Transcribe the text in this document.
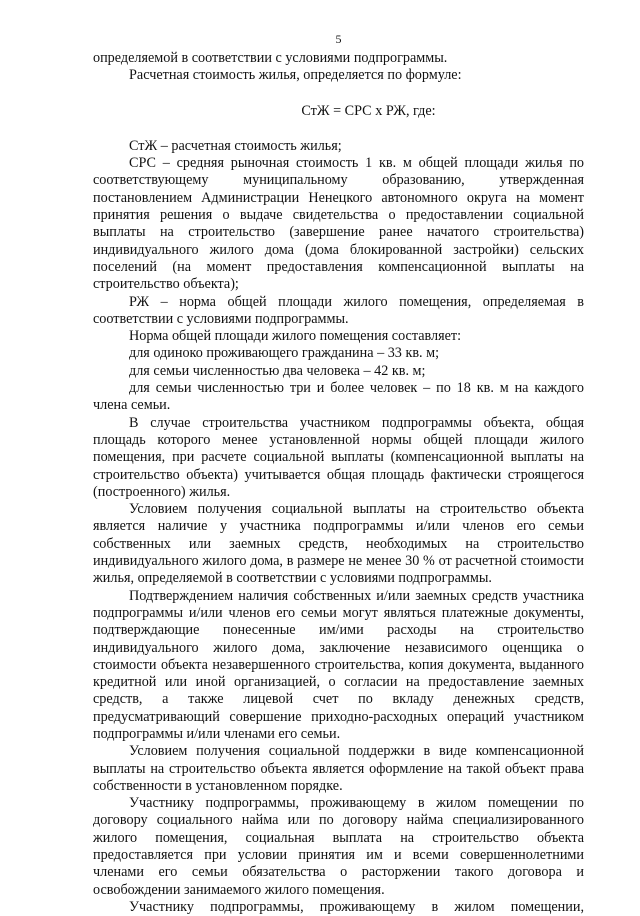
5

определяемой в соответствии с условиями подпрограммы.

Расчетная стоимость жилья, определяется по формуле:

СтЖ = СРС х РЖ, где:

СтЖ – расчетная стоимость жилья;

СРС – средняя рыночная стоимость 1 кв. м общей площади жилья по соответствующему муниципальному образованию, утвержденная постановлением Администрации Ненецкого автономного округа на момент принятия решения о выдаче свидетельства о предоставлении социальной выплаты на строительство (завершение ранее начатого строительства) индивидуального жилого дома (дома блокированной застройки) сельских поселений (на момент предоставления компенсационной выплаты на строительство объекта);

РЖ – норма общей площади жилого помещения, определяемая в соответствии с условиями подпрограммы.

Норма общей площади жилого помещения составляет:

для одиноко проживающего гражданина – 33 кв. м;

для семьи численностью два человека – 42 кв. м;

для семьи численностью три и более человек – по 18 кв. м на каждого члена семьи.

В случае строительства участником подпрограммы объекта, общая площадь которого менее установленной нормы общей площади жилого помещения, при расчете социальной выплаты (компенсационной выплаты на строительство объекта) учитывается общая площадь фактически строящегося (построенного) жилья.

Условием получения социальной выплаты на строительство объекта является наличие у участника подпрограммы и/или членов его семьи собственных или заемных средств, необходимых на строительство индивидуального жилого дома, в размере не менее 30 % от расчетной стоимости жилья, определяемой в соответствии с условиями подпрограммы.

Подтверждением наличия собственных и/или заемных средств участника подпрограммы и/или членов его семьи могут являться платежные документы, подтверждающие понесенные им/ими расходы на строительство индивидуального жилого дома, заключение независимого оценщика о стоимости объекта незавершенного строительства, копия документа, выданного кредитной или иной организацией, о согласии на предоставление заемных средств, а также лицевой счет по вкладу денежных средств, предусматривающий совершение приходно-расходных операций участником подпрограммы и/или членами его семьи.

Условием получения социальной поддержки в виде компенсационной выплаты на строительство объекта является оформление на такой объект права собственности в установленном порядке.

Участнику подпрограммы, проживающему в жилом помещении по договору социального найма или по договору найма специализированного жилого помещения, социальная выплата на строительство объекта предоставляется при условии принятия им и всеми совершеннолетними членами его семьи обязательства о расторжении такого договора и освобождении занимаемого жилого помещения.

Участнику подпрограммы, проживающему в жилом помещении,
